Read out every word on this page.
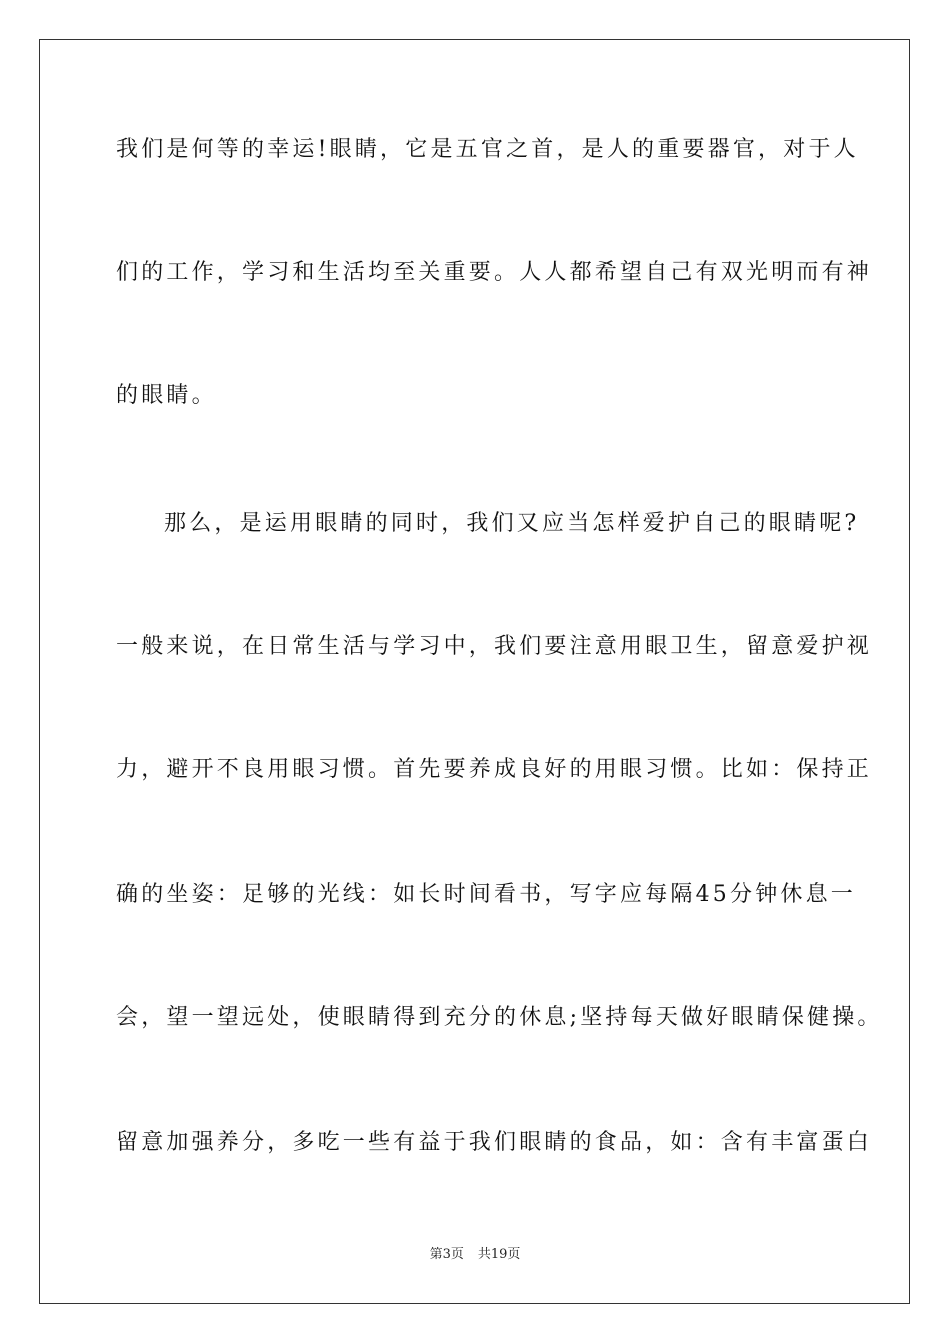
我们是何等的幸运!眼睛，它是五官之首，是人的重要器官，对于人
们的工作，学习和生活均至关重要。人人都希望自己有双光明而有神
的眼睛。
那么，是运用眼睛的同时，我们又应当怎样爱护自己的眼睛呢?
一般来说，在日常生活与学习中，我们要注意用眼卫生，留意爱护视
力，避开不良用眼习惯。首先要养成良好的用眼习惯。比如：保持正
确的坐姿：足够的光线：如长时间看书，写字应每隔45分钟休息一
会，望一望远处，使眼睛得到充分的休息;坚持每天做好眼睛保健操。
留意加强养分，多吃一些有益于我们眼睛的食品，如：含有丰富蛋白
第3页 共19页
